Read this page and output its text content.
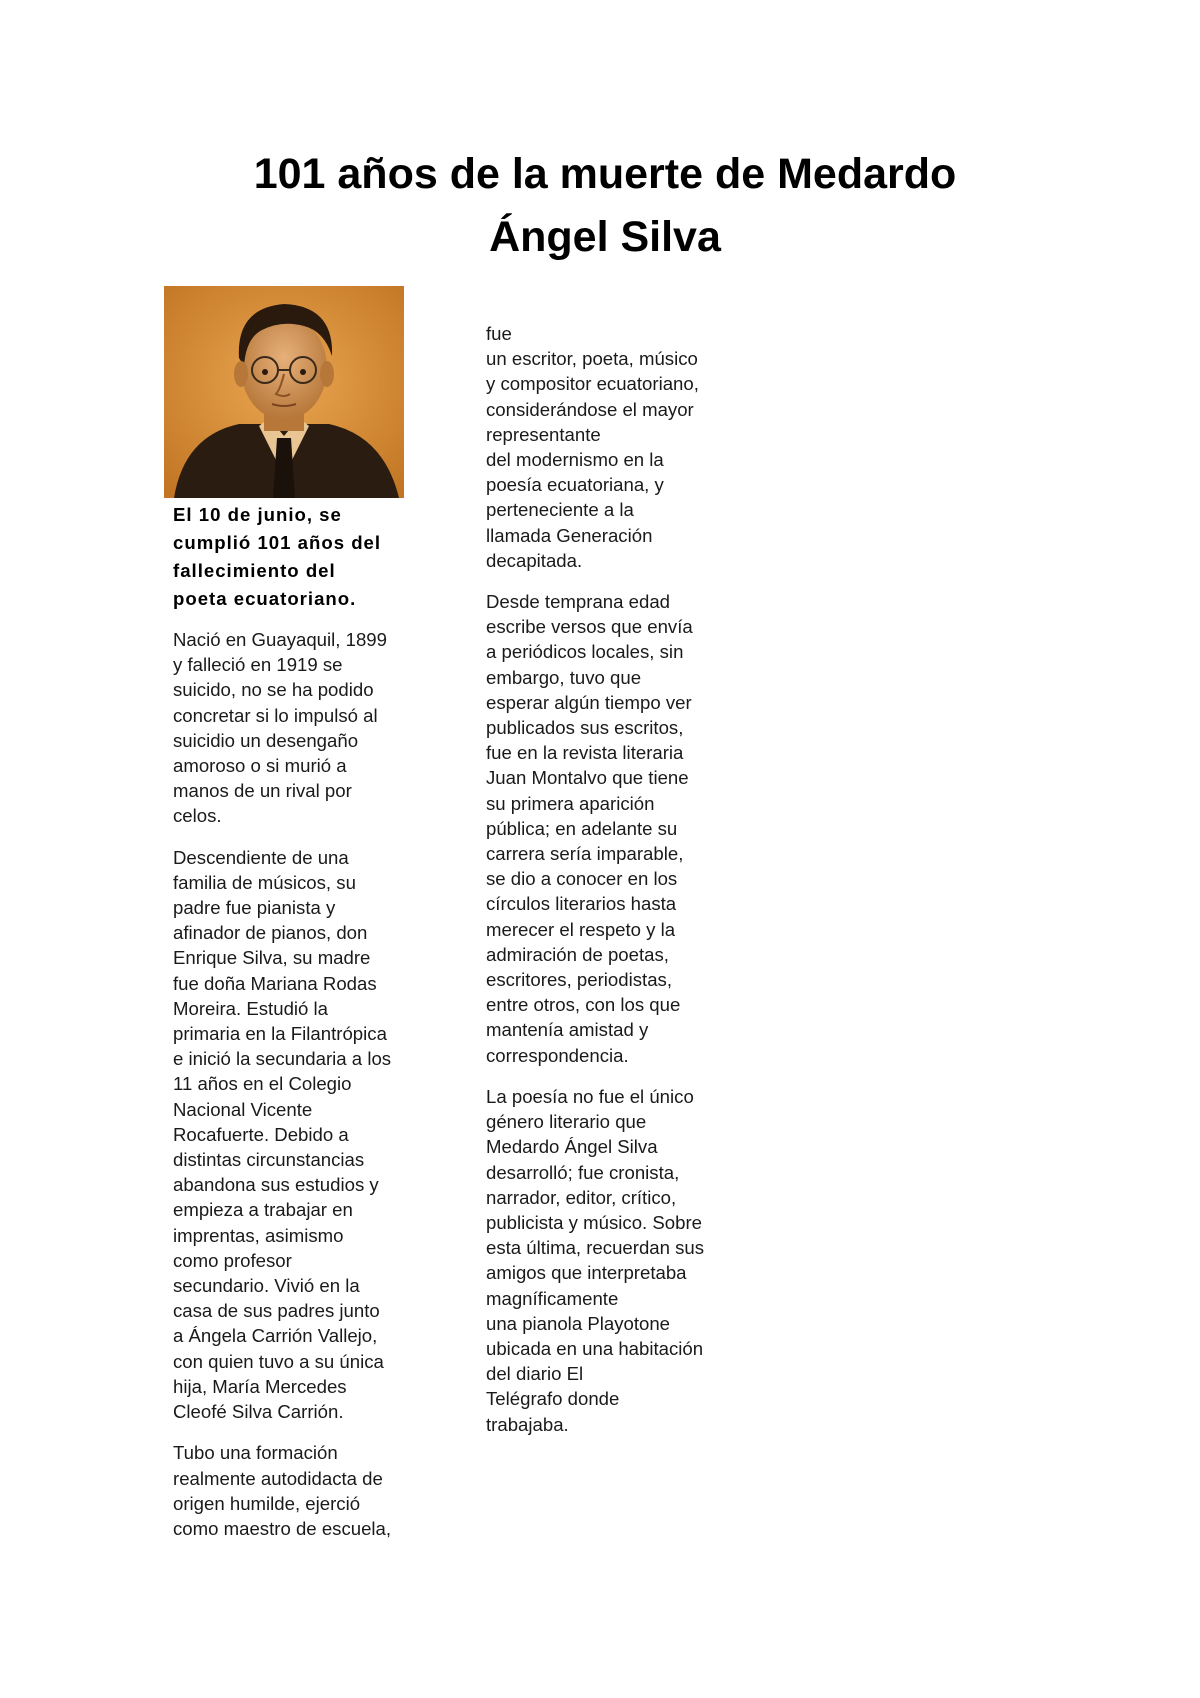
101 años de la muerte de Medardo
Ángel Silva

El 10 de junio, se
cumplió 101 años del
fallecimiento del
poeta ecuatoriano.

Nació en Guayaquil, 1899
y falleció en 1919 se
suicido, no se ha podido
concretar si lo impulsó al
suicidio un desengaño
amoroso o si murió a
manos de un rival por
celos.

Descendiente de una
familia de músicos, su
padre fue pianista y
afinador de pianos, don
Enrique Silva, su madre
fue doña Mariana Rodas
Moreira. Estudió la
primaria en la Filantrópica
e inició la secundaria a los
11 años en el Colegio
Nacional Vicente
Rocafuerte. Debido a
distintas circunstancias
abandona sus estudios y
empieza a trabajar en
imprentas, asimismo
como profesor
secundario. Vivió en la
casa de sus padres junto
a Ángela Carrión Vallejo,
con quien tuvo a su única
hija, María Mercedes
Cleofé Silva Carrión.

Tubo una formación
realmente autodidacta de
origen humilde, ejerció
como maestro de escuela,

fue
un escritor, poeta, músico
y compositor ecuatoriano,
considerándose el mayor
representante
del modernismo en la
poesía ecuatoriana, y
perteneciente a la
llamada Generación
decapitada.

Desde temprana edad
escribe versos que envía
a periódicos locales, sin
embargo, tuvo que
esperar algún tiempo ver
publicados sus escritos,
fue en la revista literaria
Juan Montalvo que tiene
su primera aparición
pública; en adelante su
carrera sería imparable,
se dio a conocer en los
círculos literarios hasta
merecer el respeto y la
admiración de poetas,
escritores, periodistas,
entre otros, con los que
mantenía amistad y
correspondencia.

La poesía no fue el único
género literario que
Medardo Ángel Silva
desarrolló; fue cronista,
narrador, editor, crítico,
publicista y músico. Sobre
esta última, recuerdan sus
amigos que interpretaba
magníficamente
una pianola Playotone
ubicada en una habitación
del diario El
Telégrafo donde
trabajaba.
